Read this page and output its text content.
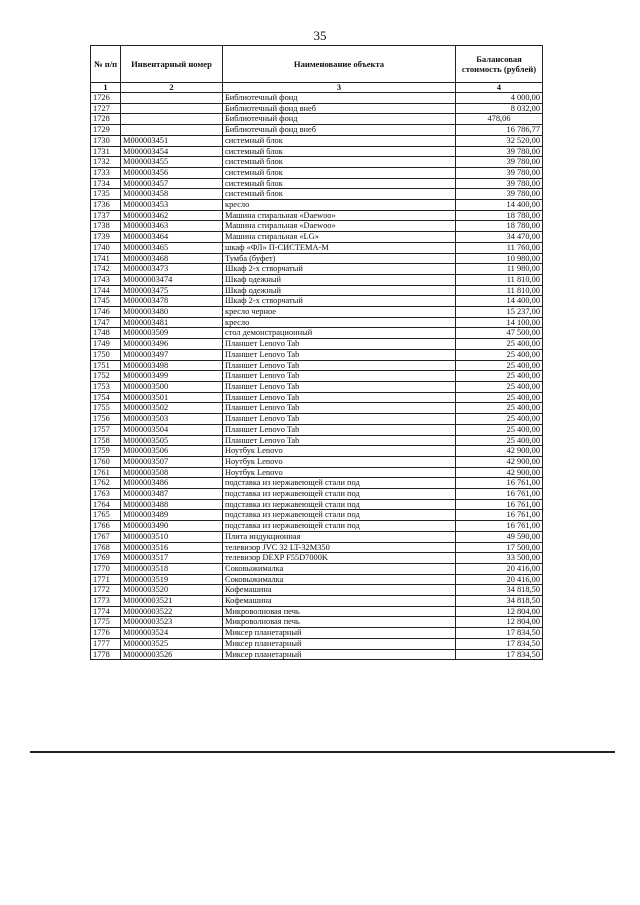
35
№ п/п	Инвентарный номер	Наименование объекта	Балансовая стоимость (рублей)
1	2	3	4
1726		Библиотечный фонд	4 000,00
1727		Библиотечный фонд внеб	8 032,00
1728		Библиотечный фонд	478,06
1729		Библиотечный фонд внеб	16 786,77
1730	М000003451	системный блок	32 520,00
1731	М000003454	системный блок	39 780,00
1732	М000003455	системный блок	39 780,00
1733	М000003456	системный блок	39 780,00
1734	М000003457	системный блок	39 780,00
1735	М000003458	системный блок	39 780,00
1736	М000003453	кресло	14 400,00
1737	М000003462	Машина стиральная «Daewoo»	18 780,00
1738	М000003463	Машина стиральная «Daewoo»	18 780,00
1739	М000003464	Машина стиральная «LG»	34 470,00
1740	М000003465	шкаф «ФЛ» П-СИСТЕМА-М	11 760,00
1741	М000003468	Тумба (буфет)	10 980,00
1742	М000003473	Шкаф 2-х створчатый	11 980,00
1743	М0000003474	Шкаф одежный	11 810,00
1744	М000003475	Шкаф одежный	11 810,00
1745	М000003478	Шкаф 2-х створчатый	14 400,00
1746	М000003480	кресло черное	15 237,00
1747	М000003481	кресло	14 100,00
1748	М000003509	стол демонстрационный	47 500,00
1749	М000003496	Планшет Lenovo Tab	25 400,00
1750	М000003497	Планшет Lenovo Tab	25 400,00
1751	М000003498	Планшет Lenovo Tab	25 400,00
1752	М000003499	Планшет Lenovo Tab	25 400,00
1753	М000003500	Планшет Lenovo Tab	25 400,00
1754	М000003501	Планшет Lenovo Tab	25 400,00
1755	М000003502	Планшет Lenovo Tab	25 400,00
1756	М000003503	Планшет Lenovo Tab	25 400,00
1757	М000003504	Планшет Lenovo Tab	25 400,00
1758	М000003505	Планшет Lenovo Tab	25 400,00
1759	М000003506	Ноутбук Lenovo	42 900,00
1760	М000003507	Ноутбук Lenovo	42 900,00
1761	М000003508	Ноутбук Lenovo	42 900,00
1762	М000003486	подставка из нержавеющей стали под	16 761,00
1763	М000003487	подставка из нержавеющей стали под	16 761,00
1764	М000003488	подставка из нержавеющей стали под	16 761,00
1765	М000003489	подставка из нержавеющей стали под	16 761,00
1766	М000003490	подставка из нержавеющей стали под	16 761,00
1767	М000003510	Плита индукционная	49 590,00
1768	М000003516	телевизор JVC 32 LT-32M350	17 500,00
1769	М000003517	телевизор DEXP F55D7000K	33 500,00
1770	М000003518	Соковыжималка	20 416,00
1771	М000003519	Соковыжималка	20 416,00
1772	М000003520	Кофемашина	34 818,50
1773	М0000003521	Кофемашина	34 818,50
1774	М0000003522	Микроволновая печь	12 804,00
1775	М0000003523	Микроволновая печь	12 804,00
1776	М000003524	Миксер планетарный	17 834,50
1777	М000003525	Миксер планетарный	17 834,50
1778	М0000003526	Миксер планетарный	17 834,50
